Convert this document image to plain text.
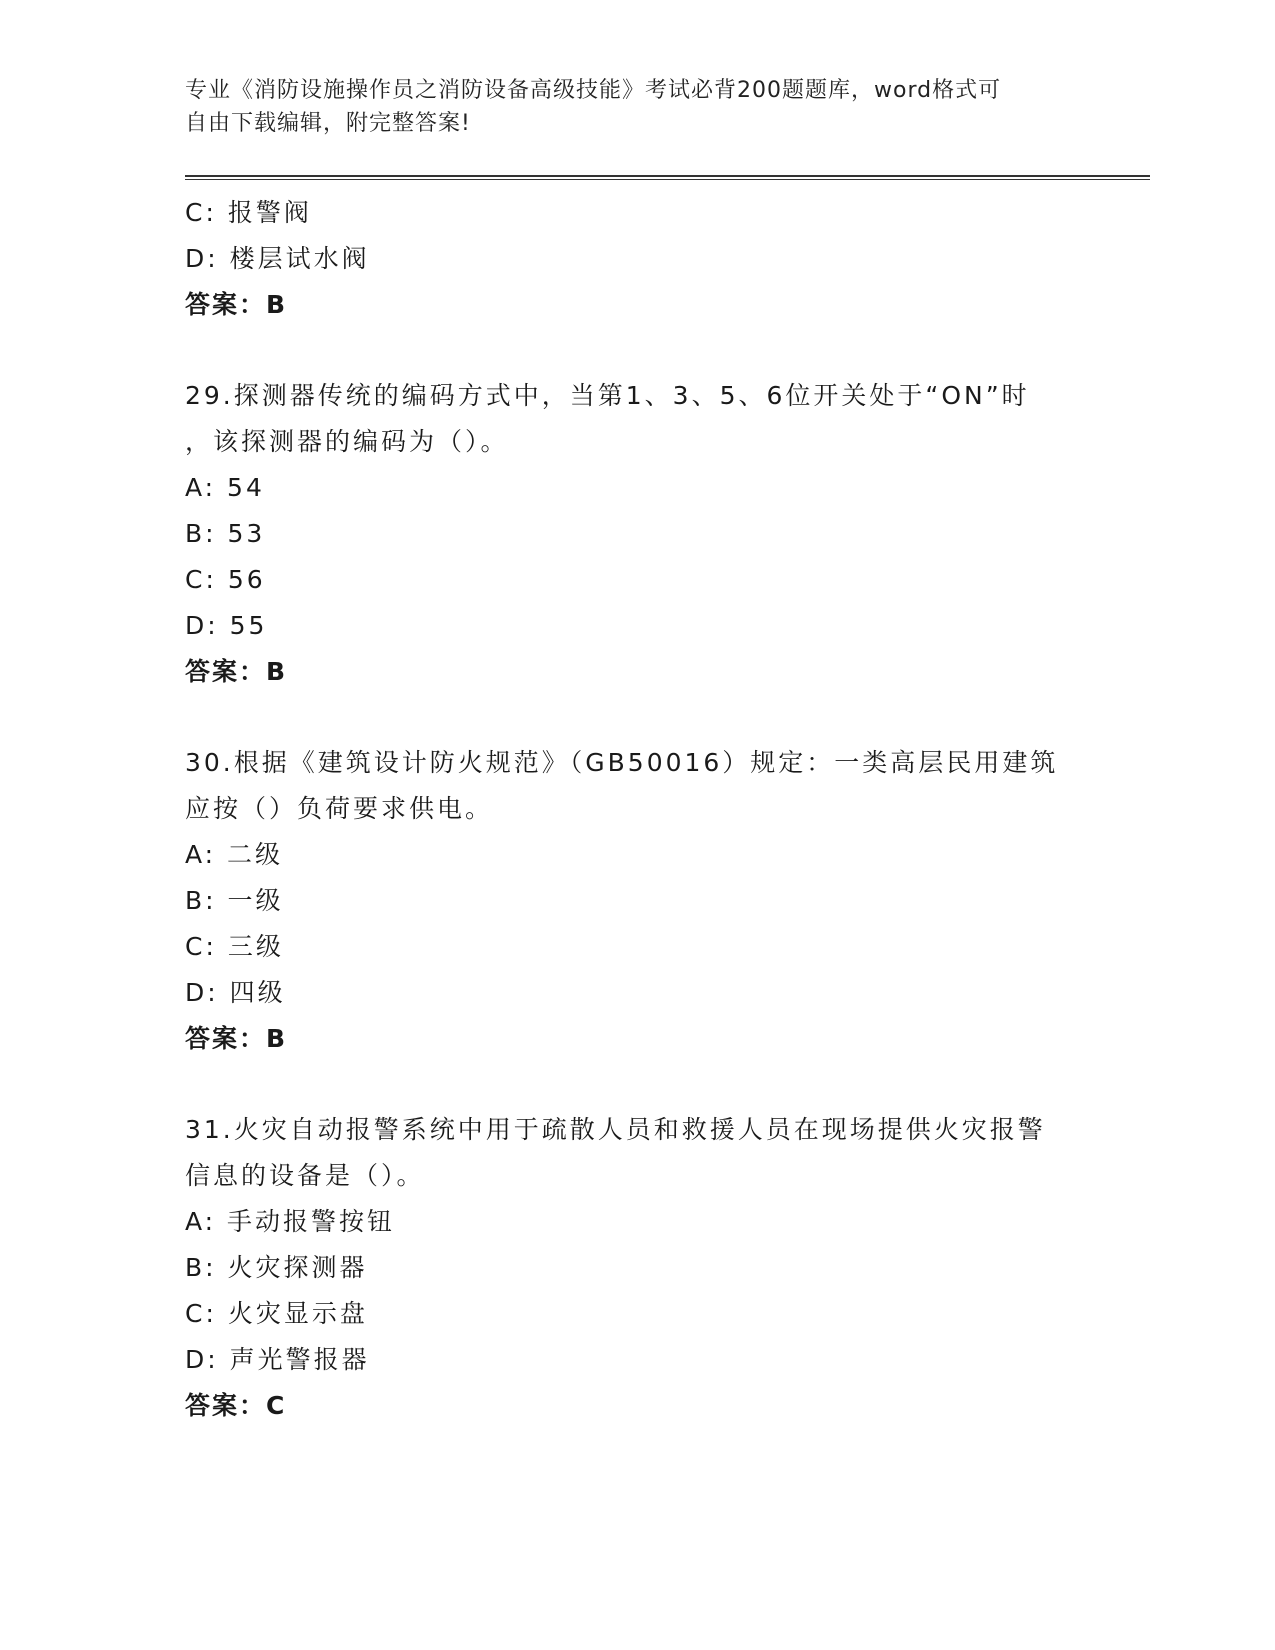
专业《消防设施操作员之消防设备高级技能》考试必背200题题库，word格式可
自由下载编辑，附完整答案!
C: 报警阀
D: 楼层试水阀
答案：B
29.探测器传统的编码方式中，当第1、3、5、6位开关处于“ON”时
，该探测器的编码为（）。
A: 54
B: 53
C: 56
D: 55
答案：B
30.根据《建筑设计防火规范》（GB50016）规定：一类高层民用建筑
应按（）负荷要求供电。
A: 二级
B: 一级
C: 三级
D: 四级
答案：B
31.火灾自动报警系统中用于疏散人员和救援人员在现场提供火灾报警
信息的设备是（）。
A: 手动报警按钮
B: 火灾探测器
C: 火灾显示盘
D: 声光警报器
答案：C
